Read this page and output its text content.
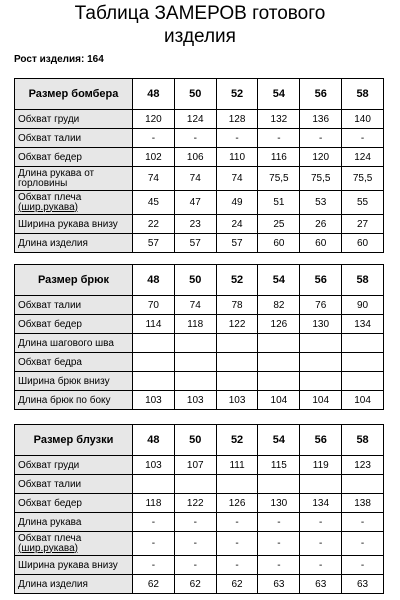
Таблица ЗАМЕРОВ готового
изделия
Рост изделия: 164
Размер бомбера	48	50	52	54	56	58
Обхват груди	120	124	128	132	136	140
Обхват талии	-	-	-	-	-	-
Обхват бедер	102	106	110	116	120	124
Длина рукава от горловины	74	74	74	75,5	75,5	75,5
Обхват плеча
(шир.рукава)	45	47	49	51	53	55
Ширина рукава внизу	22	23	24	25	26	27
Длина изделия	57	57	57	60	60	60
Размер брюк	48	50	52	54	56	58
Обхват талии	70	74	78	82	76	90
Обхват бедер	114	118	122	126	130	134
Длина шагового шва						
Обхват бедра						
Ширина брюк внизу						
Длина брюк по боку	103	103	103	104	104	104
Размер блузки	48	50	52	54	56	58
Обхват груди	103	107	111	115	119	123
Обхват талии						
Обхват бедер	118	122	126	130	134	138
Длина рукава	-	-	-	-	-	-
Обхват плеча
(шир.рукава)	-	-	-	-	-	-
Ширина рукава внизу	-	-	-	-	-	-
Длина изделия	62	62	62	63	63	63
